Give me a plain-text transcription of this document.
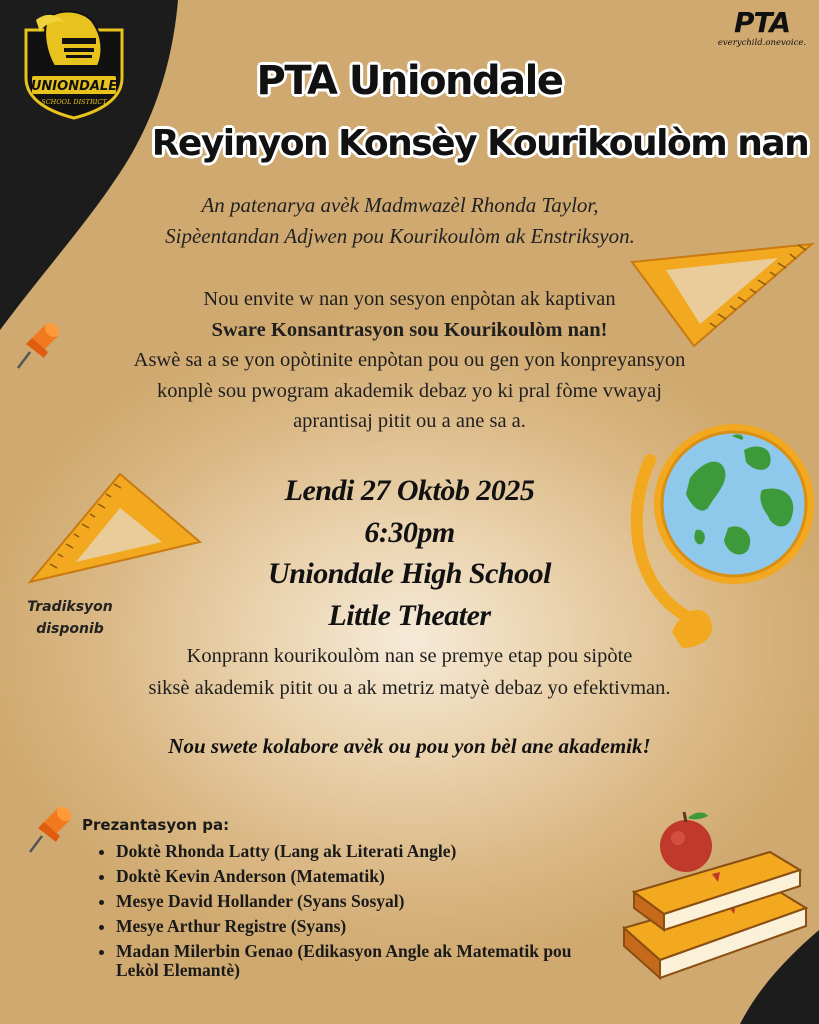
UNIONDALE
SCHOOL DISTRICT
PTA
everychild.onevoice.
PTA Uniondale
Reyinyon Konsèy Kourikoulòm nan
An patenarya avèk Madmwazèl Rhonda Taylor,
Sipèentandan Adjwen pou Kourikoulòm ak Enstriksyon.
Nou envite w nan yon sesyon enpòtan ak kaptivan
Sware Konsantrasyon sou Kourikoulòm nan!
Aswè sa a se yon opòtinite enpòtan pou ou gen yon konpreyansyon
konplè sou pwogram akademik debaz yo ki pral fòme vwayaj
aprantisaj pitit ou a ane sa a.
Tradiksyon
disponib
Lendi 27 Oktòb 2025
6:30pm
Uniondale High School
Little Theater
Konprann kourikoulòm nan se premye etap pou sipòte
siksè akademik pitit ou a ak metriz matyè debaz yo efektivman.
Nou swete kolabore avèk ou pou yon bèl ane akademik!
Prezantasyon pa:
• Doktè Rhonda Latty (Lang ak Literati Angle)
• Doktè Kevin Anderson (Matematik)
• Mesye David Hollander (Syans Sosyal)
• Mesye Arthur Registre (Syans)
• Madan Milerbin Genao (Edikasyon Angle ak Matematik pou
Lekòl Elemantè)
